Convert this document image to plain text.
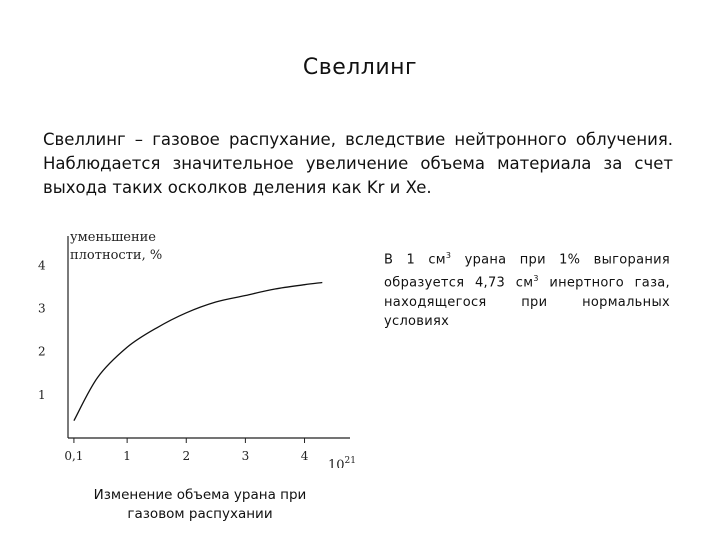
Свеллинг

Свеллинг – газовое распухание, вследствие нейтронного облучения. Наблюдается значительное увеличение объема материала за счет выхода таких осколков деления как Kr и Xe.

В 1 $см^3$ урана при 1% выгорания образуется 4,73 $см^3$ инертного газа, находящегося при нормальных условиях

уменьшение
плотности, %
1
2
3
4
0,1	1	2	3	4
$10^{21}$

Изменение объема урана при газовом распухании
